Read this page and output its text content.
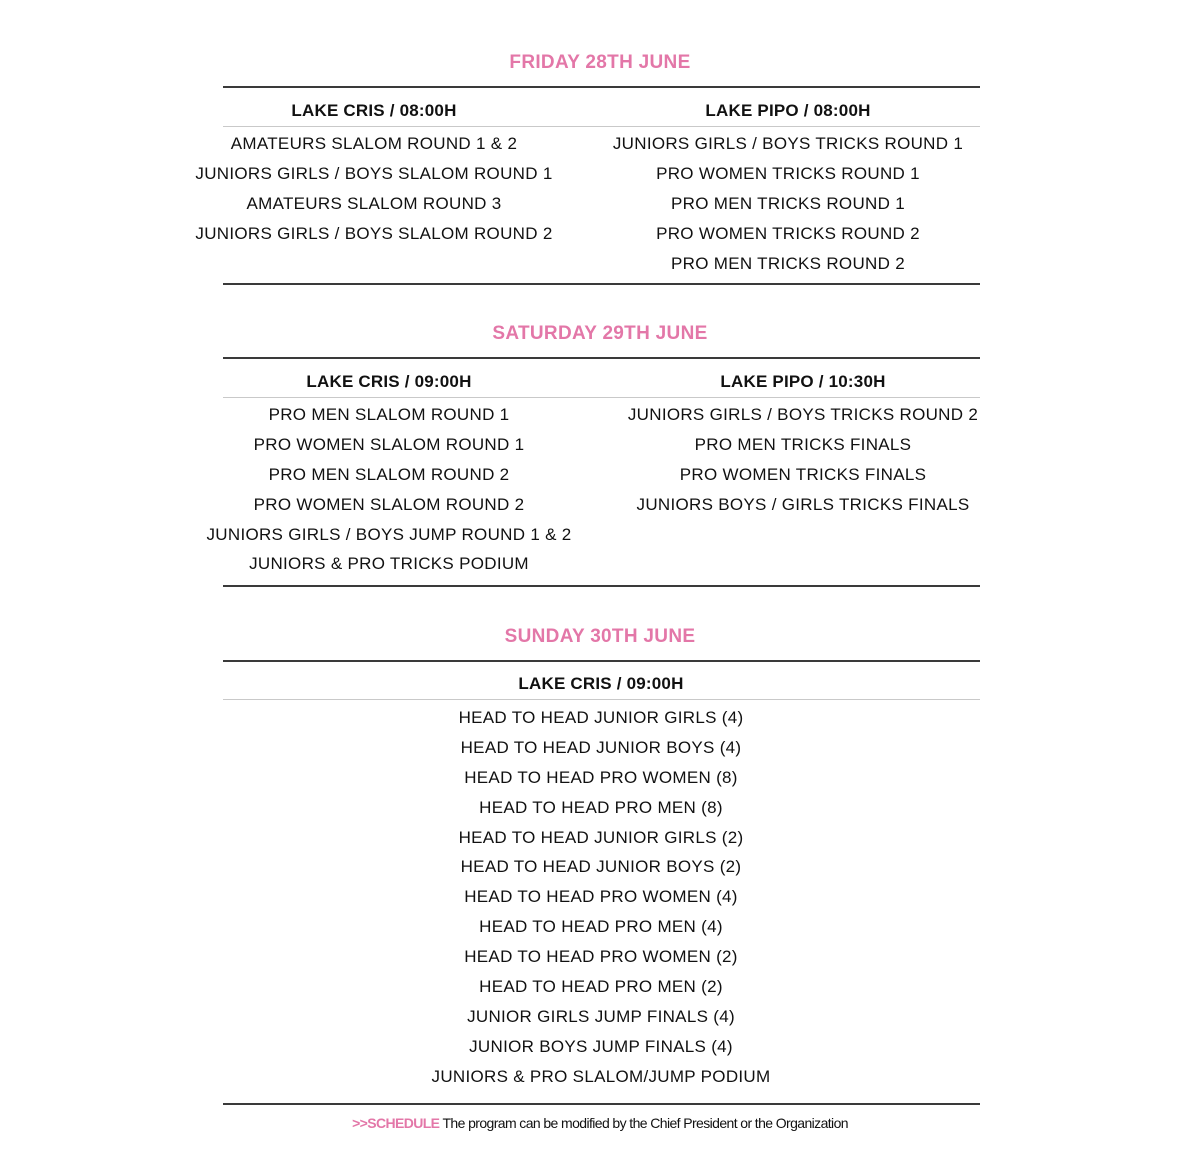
FRIDAY 28TH JUNE
LAKE CRIS / 08:00H	LAKE PIPO / 08:00H
AMATEURS SLALOM ROUND 1 & 2
JUNIORS GIRLS / BOYS SLALOM ROUND 1
AMATEURS SLALOM ROUND 3
JUNIORS GIRLS / BOYS SLALOM ROUND 2
JUNIORS GIRLS / BOYS TRICKS ROUND 1
PRO WOMEN TRICKS ROUND 1
PRO MEN TRICKS ROUND 1
PRO WOMEN TRICKS ROUND 2
PRO MEN TRICKS ROUND 2
SATURDAY 29TH JUNE
LAKE CRIS / 09:00H	LAKE PIPO / 10:30H
PRO MEN SLALOM ROUND 1
PRO WOMEN SLALOM ROUND 1
PRO MEN SLALOM ROUND 2
PRO WOMEN SLALOM ROUND 2
JUNIORS GIRLS / BOYS JUMP ROUND 1 & 2
JUNIORS & PRO TRICKS PODIUM
JUNIORS GIRLS / BOYS TRICKS ROUND 2
PRO MEN TRICKS FINALS
PRO WOMEN TRICKS FINALS
JUNIORS BOYS / GIRLS TRICKS FINALS
SUNDAY 30TH JUNE
LAKE CRIS / 09:00H
HEAD TO HEAD JUNIOR GIRLS (4)
HEAD TO HEAD JUNIOR BOYS (4)
HEAD TO HEAD PRO WOMEN (8)
HEAD TO HEAD PRO MEN (8)
HEAD TO HEAD JUNIOR GIRLS (2)
HEAD TO HEAD JUNIOR BOYS (2)
HEAD TO HEAD PRO WOMEN (4)
HEAD TO HEAD PRO MEN (4)
HEAD TO HEAD PRO WOMEN (2)
HEAD TO HEAD PRO MEN (2)
JUNIOR GIRLS JUMP FINALS (4)
JUNIOR BOYS JUMP FINALS (4)
JUNIORS & PRO SLALOM/JUMP PODIUM
>>SCHEDULE The program can be modified by the Chief President or the Organization
